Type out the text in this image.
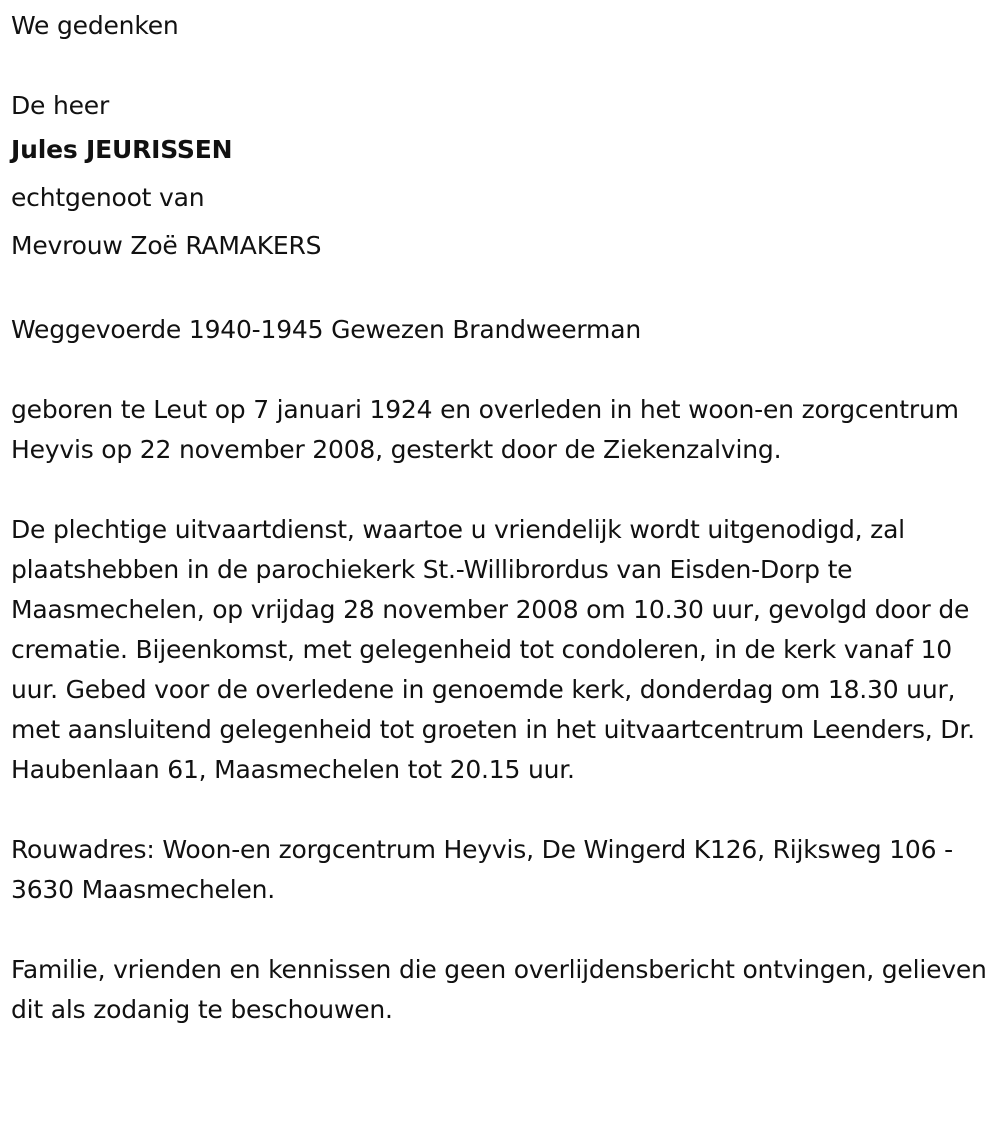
We gedenken

De heer

Jules JEURISSEN

echtgenoot van

Mevrouw Zoë RAMAKERS

Weggevoerde 1940-1945 Gewezen Brandweerman

geboren te Leut op 7 januari 1924 en overleden in het woon-en zorgcentrum Heyvis op 22 november 2008, gesterkt door de Ziekenzalving.

De plechtige uitvaartdienst, waartoe u vriendelijk wordt uitgenodigd, zal plaatshebben in de parochiekerk St.-Willibrordus van Eisden-Dorp te Maasmechelen, op vrijdag 28 november 2008 om 10.30 uur, gevolgd door de crematie. Bijeenkomst, met gelegenheid tot condoleren, in de kerk vanaf 10 uur. Gebed voor de overledene in genoemde kerk, donderdag om 18.30 uur, met aansluitend gelegenheid tot groeten in het uitvaartcentrum Leenders, Dr. Haubenlaan 61, Maasmechelen tot 20.15 uur.

Rouwadres: Woon-en zorgcentrum Heyvis, De Wingerd K126, Rijksweg 106 - 3630 Maasmechelen.

Familie, vrienden en kennissen die geen overlijdensbericht ontvingen, gelieven dit als zodanig te beschouwen.
